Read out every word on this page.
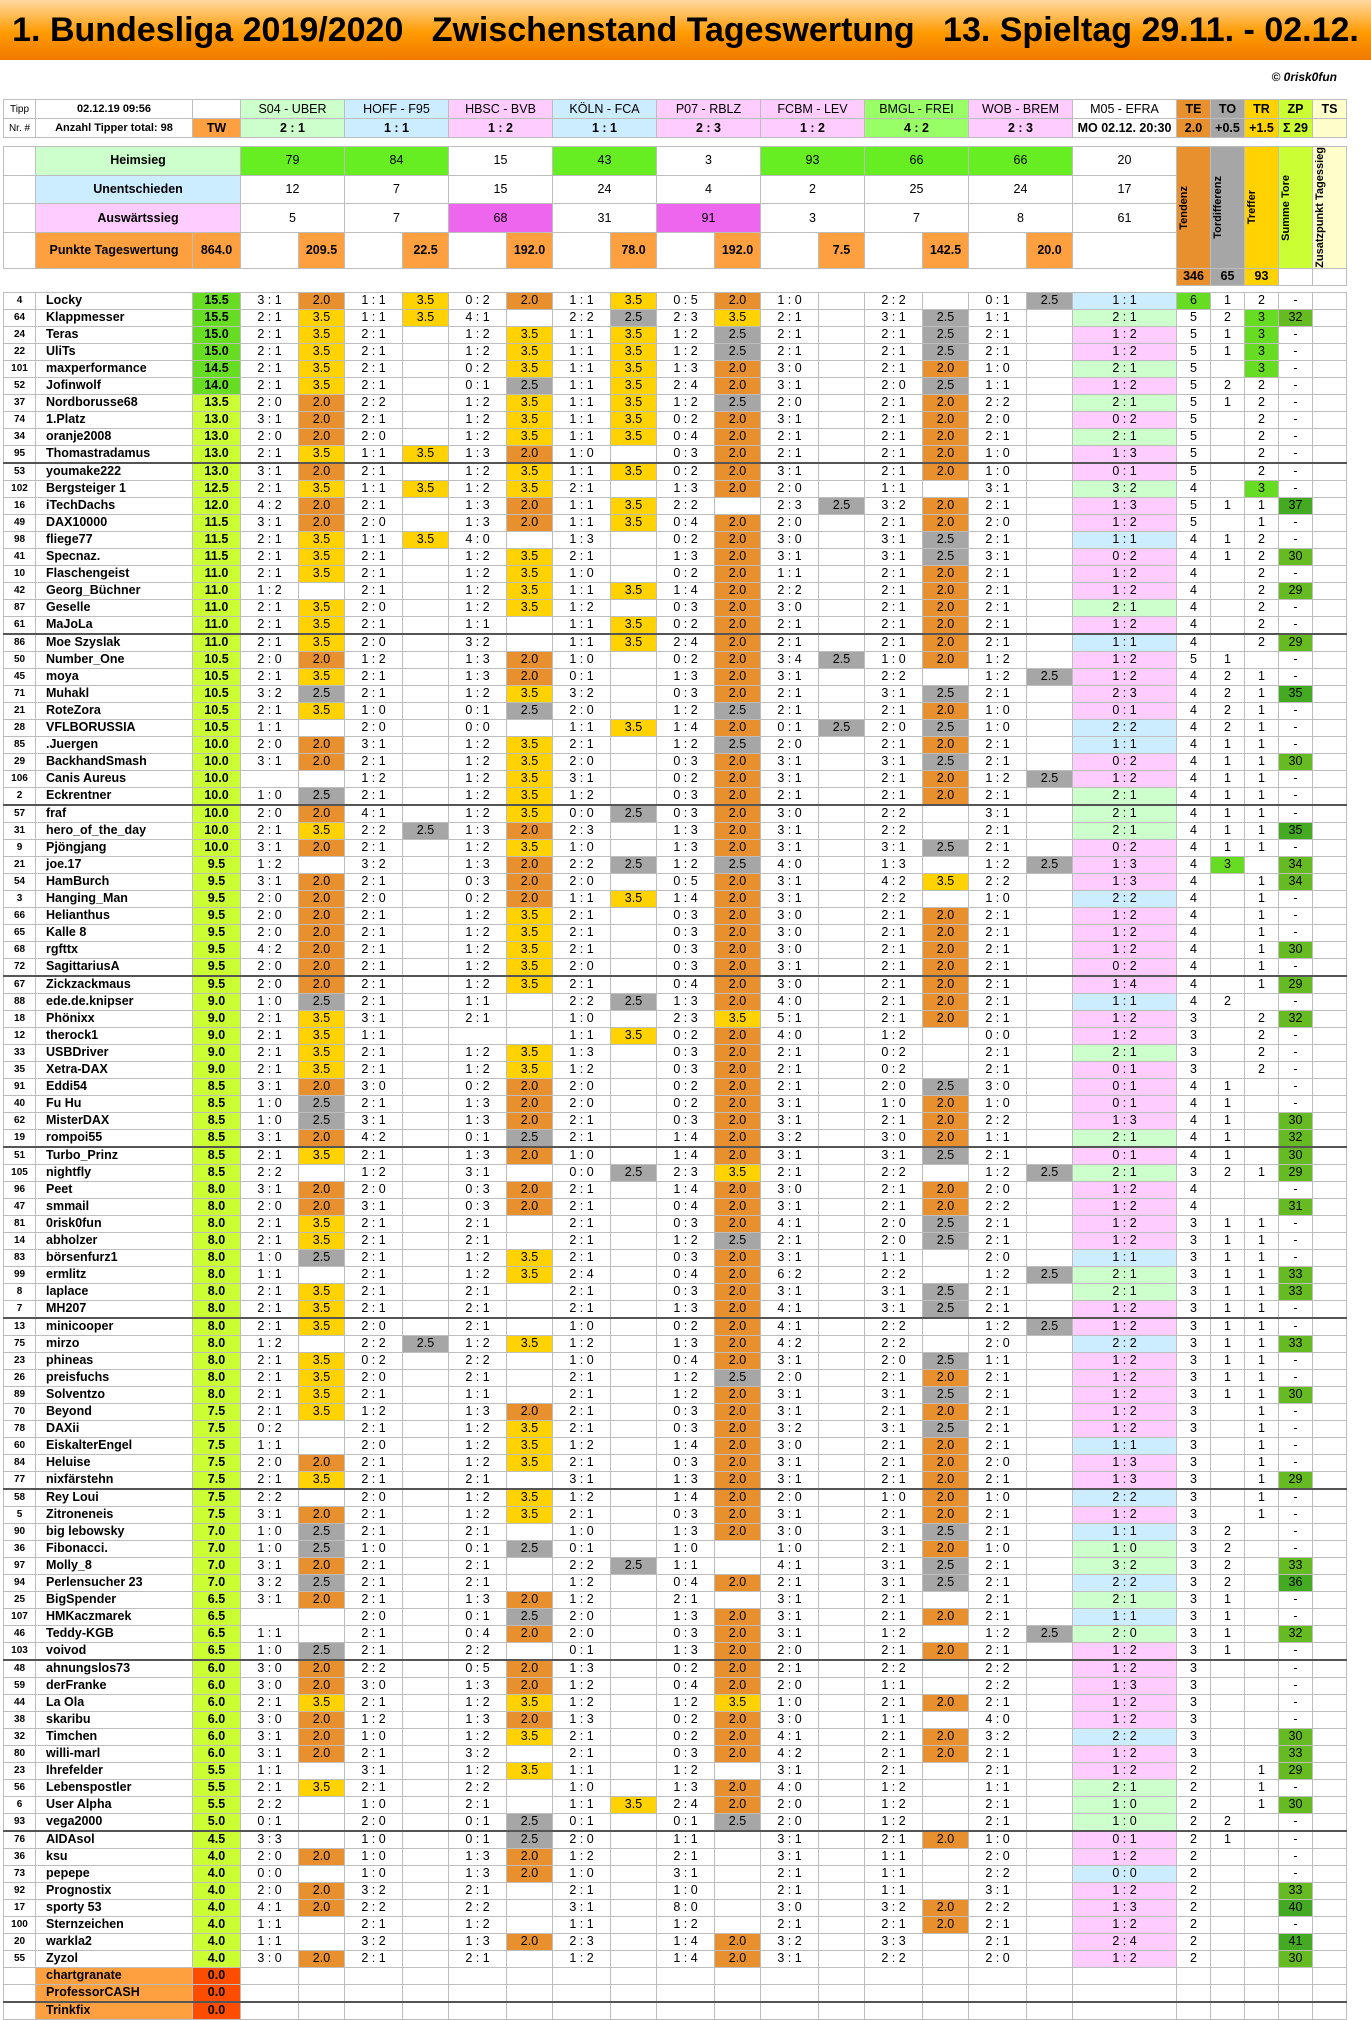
1. Bundesliga 2019/2020   Zwischenstand Tageswertung   13. Spieltag 29.11. - 02.12.
© 0risk0fun
Tipp	02.12.19 09:56		S04 - UBER		HOFF - F95		HBSC - BVB		KÖLN - FCA		P07 - RBLZ		FCBM - LEV		BMGL - FREI		WOB - BREM		M05 - EFRA	TE	TO	TR	ZP	TS
Nr. #	Anzahl Tipper total: 98	TW	2 : 1		1 : 1		1 : 2		1 : 1		2 : 3		1 : 2		4 : 2		2 : 3		MO 02.12. 20:30	2.0	+0.5	+1.5	Σ 29	

	Heimsieg		79		84		15		43		3		93		66		66		20	Tendenz	Tordifferenz	Treffer	Summe Tore	Zusatzpunkt Tagessieg

	Unentschieden		12		7		15		24		4		2		25		24		17					
	Auswärtssieg		5		7		68		31		91		3		7		8		61					
	Punkte Tageswertung	864.0		209.5		22.5		192.0		78.0		192.0		7.5		142.5		20.0						
																				346	65	93		

4	Locky	15.5	3 : 1	2.0	1 : 1	3.5	0 : 2	2.0	1 : 1	3.5	0 : 5	2.0	1 : 0		2 : 2		0 : 1	2.5	1 : 1	6	1	2	-	
64	Klappmesser	15.5	2 : 1	3.5	1 : 1	3.5	4 : 1		2 : 2	2.5	2 : 3	3.5	2 : 1		3 : 1	2.5	1 : 1		2 : 1	5	2	3	32	
24	Teras	15.0	2 : 1	3.5	2 : 1		1 : 2	3.5	1 : 1	3.5	1 : 2	2.5	2 : 1		2 : 1	2.5	2 : 1		1 : 2	5	1	3	-	
22	UliTs	15.0	2 : 1	3.5	2 : 1		1 : 2	3.5	1 : 1	3.5	1 : 2	2.5	2 : 1		2 : 1	2.5	2 : 1		1 : 2	5	1	3	-	
101	maxperformance	14.5	2 : 1	3.5	2 : 1		0 : 2	3.5	1 : 1	3.5	1 : 3	2.0	3 : 0		2 : 1	2.0	1 : 0		2 : 1	5		3	-	
52	Jofinwolf	14.0	2 : 1	3.5	2 : 1		0 : 1	2.5	1 : 1	3.5	2 : 4	2.0	3 : 1		2 : 0	2.5	1 : 1		1 : 2	5	2	2	-	
37	Nordborusse68	13.5	2 : 0	2.0	2 : 2		1 : 2	3.5	1 : 1	3.5	1 : 2	2.5	2 : 0		2 : 1	2.0	2 : 2		2 : 1	5	1	2	-	
74	1.Platz	13.0	3 : 1	2.0	2 : 1		1 : 2	3.5	1 : 1	3.5	0 : 2	2.0	3 : 1		2 : 1	2.0	2 : 0		0 : 2	5		2	-	
34	oranje2008	13.0	2 : 0	2.0	2 : 0		1 : 2	3.5	1 : 1	3.5	0 : 4	2.0	2 : 1		2 : 1	2.0	2 : 1		2 : 1	5		2	-	
95	Thomastradamus	13.0	2 : 1	3.5	1 : 1	3.5	1 : 3	2.0	1 : 0		0 : 3	2.0	2 : 1		2 : 1	2.0	1 : 0		1 : 3	5		2	-	
53	youmake222	13.0	3 : 1	2.0	2 : 1		1 : 2	3.5	1 : 1	3.5	0 : 2	2.0	3 : 1		2 : 1	2.0	1 : 0		0 : 1	5		2	-	
102	Bergsteiger 1	12.5	2 : 1	3.5	1 : 1	3.5	1 : 2	3.5	2 : 1		1 : 3	2.0	2 : 0		1 : 1		3 : 1		3 : 2	4		3	-	
16	iTechDachs	12.0	4 : 2	2.0	2 : 1		1 : 3	2.0	1 : 1	3.5	2 : 2		2 : 3	2.5	3 : 2	2.0	2 : 1		1 : 3	5	1	1	37	
49	DAX10000	11.5	3 : 1	2.0	2 : 0		1 : 3	2.0	1 : 1	3.5	0 : 4	2.0	2 : 0		2 : 1	2.0	2 : 0		1 : 2	5		1	-	
98	fliege77	11.5	2 : 1	3.5	1 : 1	3.5	4 : 0		1 : 3		0 : 2	2.0	3 : 0		3 : 1	2.5	2 : 1		1 : 1	4	1	2	-	
41	Specnaz.	11.5	2 : 1	3.5	2 : 1		1 : 2	3.5	2 : 1		1 : 3	2.0	3 : 1		3 : 1	2.5	3 : 1		0 : 2	4	1	2	30	
10	Flaschengeist	11.0	2 : 1	3.5	2 : 1		1 : 2	3.5	1 : 0		0 : 2	2.0	1 : 1		2 : 1	2.0	2 : 1		1 : 2	4		2	-	
42	Georg_Büchner	11.0	1 : 2		2 : 1		1 : 2	3.5	1 : 1	3.5	1 : 4	2.0	2 : 2		2 : 1	2.0	2 : 1		1 : 2	4		2	29	
87	Geselle	11.0	2 : 1	3.5	2 : 0		1 : 2	3.5	1 : 2		0 : 3	2.0	3 : 0		2 : 1	2.0	2 : 1		2 : 1	4		2	-	
61	MaJoLa	11.0	2 : 1	3.5	2 : 1		1 : 1		1 : 1	3.5	0 : 2	2.0	2 : 1		2 : 1	2.0	2 : 1		1 : 2	4		2	-	
86	Moe Szyslak	11.0	2 : 1	3.5	2 : 0		3 : 2		1 : 1	3.5	2 : 4	2.0	2 : 1		2 : 1	2.0	2 : 1		1 : 1	4		2	29	
50	Number_One	10.5	2 : 0	2.0	1 : 2		1 : 3	2.0	1 : 0		0 : 2	2.0	3 : 4	2.5	1 : 0	2.0	1 : 2		1 : 2	5	1		-	
45	moya	10.5	2 : 1	3.5	2 : 1		1 : 3	2.0	0 : 1		1 : 3	2.0	3 : 1		2 : 2		1 : 2	2.5	1 : 2	4	2	1	-	
71	Muhakl	10.5	3 : 2	2.5	2 : 1		1 : 2	3.5	3 : 2		0 : 3	2.0	2 : 1		3 : 1	2.5	2 : 1		2 : 3	4	2	1	35	
21	RoteZora	10.5	2 : 1	3.5	1 : 0		0 : 1	2.5	2 : 0		1 : 2	2.5	2 : 1		2 : 1	2.0	1 : 0		0 : 1	4	2	1	-	
28	VFLBORUSSIA	10.5	1 : 1		2 : 0		0 : 0		1 : 1	3.5	1 : 4	2.0	0 : 1	2.5	2 : 0	2.5	1 : 0		2 : 2	4	2	1	-	
85	.Juergen	10.0	2 : 0	2.0	3 : 1		1 : 2	3.5	2 : 1		1 : 2	2.5	2 : 0		2 : 1	2.0	2 : 1		1 : 1	4	1	1	-	
29	BackhandSmash	10.0	3 : 1	2.0	2 : 1		1 : 2	3.5	2 : 0		0 : 3	2.0	3 : 1		3 : 1	2.5	2 : 1		0 : 2	4	1	1	30	
106	Canis Aureus	10.0			1 : 2		1 : 2	3.5	3 : 1		0 : 2	2.0	3 : 1		2 : 1	2.0	1 : 2	2.5	1 : 2	4	1	1	-	
2	Eckrentner	10.0	1 : 0	2.5	2 : 1		1 : 2	3.5	1 : 2		0 : 3	2.0	2 : 1		2 : 1	2.0	2 : 1		2 : 1	4	1	1	-	
57	fraf	10.0	2 : 0	2.0	4 : 1		1 : 2	3.5	0 : 0	2.5	0 : 3	2.0	3 : 0		2 : 2		3 : 1		2 : 1	4	1	1	-	
31	hero_of_the_day	10.0	2 : 1	3.5	2 : 2	2.5	1 : 3	2.0	2 : 3		1 : 3	2.0	3 : 1		2 : 2		2 : 1		2 : 1	4	1	1	35	
9	Pjöngjang	10.0	3 : 1	2.0	2 : 1		1 : 2	3.5	1 : 0		1 : 3	2.0	3 : 1		3 : 1	2.5	2 : 1		0 : 2	4	1	1	-	
21	joe.17	9.5	1 : 2		3 : 2		1 : 3	2.0	2 : 2	2.5	1 : 2	2.5	4 : 0		1 : 3		1 : 2	2.5	1 : 3	4	3		34	
54	HamBurch	9.5	3 : 1	2.0	2 : 1		0 : 3	2.0	2 : 0		0 : 5	2.0	3 : 1		4 : 2	3.5	2 : 2		1 : 3	4		1	34	
3	Hanging_Man	9.5	2 : 0	2.0	2 : 0		0 : 2	2.0	1 : 1	3.5	1 : 4	2.0	3 : 1		2 : 2		1 : 0		2 : 2	4		1	-	
66	Helianthus	9.5	2 : 0	2.0	2 : 1		1 : 2	3.5	2 : 1		0 : 3	2.0	3 : 0		2 : 1	2.0	2 : 1		1 : 2	4		1	-	
65	Kalle 8	9.5	2 : 0	2.0	2 : 1		1 : 2	3.5	2 : 1		0 : 3	2.0	3 : 0		2 : 1	2.0	2 : 1		1 : 2	4		1	-	
68	rgfttx	9.5	4 : 2	2.0	2 : 1		1 : 2	3.5	2 : 1		0 : 3	2.0	3 : 0		2 : 1	2.0	2 : 1		1 : 2	4		1	30	
72	SagittariusA	9.5	2 : 0	2.0	2 : 1		1 : 2	3.5	2 : 0		0 : 3	2.0	3 : 1		2 : 1	2.0	2 : 1		0 : 2	4		1	-	
67	Zickzackmaus	9.5	2 : 0	2.0	2 : 1		1 : 2	3.5	2 : 1		0 : 4	2.0	3 : 0		2 : 1	2.0	2 : 1		1 : 4	4		1	29	
88	ede.de.knipser	9.0	1 : 0	2.5	2 : 1		1 : 1		2 : 2	2.5	1 : 3	2.0	4 : 0		2 : 1	2.0	2 : 1		1 : 1	4	2		-	
18	Phönixx	9.0	2 : 1	3.5	3 : 1		2 : 1		1 : 0		2 : 3	3.5	5 : 1		2 : 1	2.0	2 : 1		1 : 2	3		2	32	
12	therock1	9.0	2 : 1	3.5	1 : 1				1 : 1	3.5	0 : 2	2.0	4 : 0		1 : 2		0 : 0		1 : 2	3		2	-	
33	USBDriver	9.0	2 : 1	3.5	2 : 1		1 : 2	3.5	1 : 3		0 : 3	2.0	2 : 1		0 : 2		2 : 1		2 : 1	3		2	-	
35	Xetra-DAX	9.0	2 : 1	3.5	2 : 1		1 : 2	3.5	1 : 2		0 : 3	2.0	2 : 1		0 : 2		2 : 1		0 : 1	3		2	-	
91	Eddi54	8.5	3 : 1	2.0	3 : 0		0 : 2	2.0	2 : 0		0 : 2	2.0	2 : 1		2 : 0	2.5	3 : 0		0 : 1	4	1		-	
40	Fu Hu	8.5	1 : 0	2.5	2 : 1		1 : 3	2.0	2 : 0		0 : 2	2.0	3 : 1		1 : 0	2.0	1 : 0		0 : 1	4	1		-	
62	MisterDAX	8.5	1 : 0	2.5	3 : 1		1 : 3	2.0	2 : 1		0 : 3	2.0	3 : 1		2 : 1	2.0	2 : 2		1 : 3	4	1		30	
19	rompoi55	8.5	3 : 1	2.0	4 : 2		0 : 1	2.5	2 : 1		1 : 4	2.0	3 : 2		3 : 0	2.0	1 : 1		2 : 1	4	1		32	
51	Turbo_Prinz	8.5	2 : 1	3.5	2 : 1		1 : 3	2.0	1 : 0		1 : 4	2.0	3 : 1		3 : 1	2.5	2 : 1		0 : 1	4	1		30	
105	nightfly	8.5	2 : 2		1 : 2		3 : 1		0 : 0	2.5	2 : 3	3.5	2 : 1		2 : 2		1 : 2	2.5	2 : 1	3	2	1	29	
96	Peet	8.0	3 : 1	2.0	2 : 0		0 : 3	2.0	2 : 1		1 : 4	2.0	3 : 0		2 : 1	2.0	2 : 0		1 : 2	4			-	
47	smmail	8.0	2 : 0	2.0	3 : 1		0 : 3	2.0	2 : 1		0 : 4	2.0	3 : 1		2 : 1	2.0	2 : 2		1 : 2	4			31	
81	0risk0fun	8.0	2 : 1	3.5	2 : 1		2 : 1		2 : 1		0 : 3	2.0	4 : 1		2 : 0	2.5	2 : 1		1 : 2	3	1	1	-	
14	abholzer	8.0	2 : 1	3.5	2 : 1		2 : 1		2 : 1		1 : 2	2.5	2 : 1		2 : 0	2.5	2 : 1		1 : 2	3	1	1	-	
83	börsenfurz1	8.0	1 : 0	2.5	2 : 1		1 : 2	3.5	2 : 1		0 : 3	2.0	3 : 1		1 : 1		2 : 0		1 : 1	3	1	1	-	
99	ermlitz	8.0	1 : 1		2 : 1		1 : 2	3.5	2 : 4		0 : 4	2.0	6 : 2		2 : 2		1 : 2	2.5	2 : 1	3	1	1	33	
8	laplace	8.0	2 : 1	3.5	2 : 1		2 : 1		2 : 1		0 : 3	2.0	3 : 1		3 : 1	2.5	2 : 1		2 : 1	3	1	1	33	
7	MH207	8.0	2 : 1	3.5	2 : 1		2 : 1		2 : 1		1 : 3	2.0	4 : 1		3 : 1	2.5	2 : 1		1 : 2	3	1	1	-	
13	minicooper	8.0	2 : 1	3.5	2 : 0		2 : 1		1 : 0		0 : 2	2.0	4 : 1		2 : 2		1 : 2	2.5	1 : 2	3	1	1	-	
75	mirzo	8.0	1 : 2		2 : 2	2.5	1 : 2	3.5	1 : 2		1 : 3	2.0	4 : 2		2 : 2		2 : 0		2 : 2	3	1	1	33	
23	phineas	8.0	2 : 1	3.5	0 : 2		2 : 2		1 : 0		0 : 4	2.0	3 : 1		2 : 0	2.5	1 : 1		1 : 2	3	1	1	-	
26	preisfuchs	8.0	2 : 1	3.5	2 : 0		2 : 1		2 : 1		1 : 2	2.5	2 : 0		2 : 1	2.0	2 : 1		1 : 2	3	1	1	-	
89	Solventzo	8.0	2 : 1	3.5	2 : 1		1 : 1		2 : 1		1 : 2	2.0	3 : 1		3 : 1	2.5	2 : 1		1 : 2	3	1	1	30	
70	Beyond	7.5	2 : 1	3.5	1 : 2		1 : 3	2.0	2 : 1		0 : 3	2.0	3 : 1		2 : 1	2.0	2 : 1		1 : 2	3		1	-	
78	DAXii	7.5	0 : 2		2 : 1		1 : 2	3.5	2 : 1		0 : 3	2.0	3 : 2		3 : 1	2.5	2 : 1		1 : 2	3		1	-	
60	EiskalterEngel	7.5	1 : 1		2 : 0		1 : 2	3.5	1 : 2		1 : 4	2.0	3 : 0		2 : 1	2.0	2 : 1		1 : 1	3		1	-	
84	Heluise	7.5	2 : 0	2.0	2 : 1		1 : 2	3.5	2 : 1		0 : 3	2.0	3 : 1		2 : 1	2.0	2 : 0		1 : 3	3		1	-	
77	nixfärstehn	7.5	2 : 1	3.5	2 : 1		2 : 1		3 : 1		1 : 3	2.0	3 : 1		2 : 1	2.0	2 : 1		1 : 3	3		1	29	
58	Rey Loui	7.5	2 : 2		2 : 0		1 : 2	3.5	1 : 2		1 : 4	2.0	2 : 0		1 : 0	2.0	1 : 0		2 : 2	3		1	-	
5	Zitroneneis	7.5	3 : 1	2.0	2 : 1		1 : 2	3.5	2 : 1		0 : 3	2.0	3 : 1		2 : 1	2.0	2 : 1		1 : 2	3		1	-	
90	big lebowsky	7.0	1 : 0	2.5	2 : 1		2 : 1		1 : 0		1 : 3	2.0	3 : 0		3 : 1	2.5	2 : 1		1 : 1	3	2		-	
36	Fibonacci.	7.0	1 : 0	2.5	1 : 0		0 : 1	2.5	0 : 1		1 : 0		1 : 0		2 : 1	2.0	1 : 0		1 : 0	3	2		-	
97	Molly_8	7.0	3 : 1	2.0	2 : 1		2 : 1		2 : 2	2.5	1 : 1		4 : 1		3 : 1	2.5	2 : 1		3 : 2	3	2		33	
94	Perlensucher 23	7.0	3 : 2	2.5	2 : 1		2 : 1		1 : 2		0 : 4	2.0	2 : 1		3 : 1	2.5	2 : 1		2 : 2	3	2		36	
25	BigSpender	6.5	3 : 1	2.0	2 : 1		1 : 3	2.0	1 : 2		2 : 1		3 : 1		2 : 1		2 : 1		2 : 1	3	1		-	
107	HMKaczmarek	6.5			2 : 0		0 : 1	2.5	2 : 0		1 : 3	2.0	3 : 1		2 : 1	2.0	2 : 1		1 : 1	3	1		-	
46	Teddy-KGB	6.5	1 : 1		2 : 1		0 : 4	2.0	2 : 0		0 : 3	2.0	3 : 1		1 : 2		1 : 2	2.5	2 : 0	3	1		32	
103	voivod	6.5	1 : 0	2.5	2 : 1		2 : 2		0 : 1		1 : 3	2.0	2 : 0		2 : 1	2.0	2 : 1		1 : 2	3	1		-	
48	ahnungslos73	6.0	3 : 0	2.0	2 : 2		0 : 5	2.0	1 : 3		0 : 2	2.0	2 : 1		2 : 2		2 : 2		1 : 2	3			-	
59	derFranke	6.0	3 : 0	2.0	3 : 0		1 : 3	2.0	1 : 2		0 : 4	2.0	2 : 0		1 : 1		2 : 2		1 : 3	3			-	
44	La Ola	6.0	2 : 1	3.5	2 : 1		1 : 2	3.5	1 : 2		1 : 2	3.5	1 : 0		2 : 1	2.0	2 : 1		1 : 2	3			-	
38	skaribu	6.0	3 : 0	2.0	1 : 2		1 : 3	2.0	1 : 3		0 : 2	2.0	3 : 0		1 : 1		4 : 0		1 : 2	3			-	
32	Timchen	6.0	3 : 1	2.0	1 : 0		1 : 2	3.5	2 : 1		0 : 2	2.0	4 : 1		2 : 1	2.0	3 : 2		2 : 2	3			30	
80	willi-marl	6.0	3 : 1	2.0	2 : 1		3 : 2		2 : 1		0 : 3	2.0	4 : 2		2 : 1	2.0	2 : 1		1 : 2	3			33	
23	Ihrefelder	5.5	1 : 1		3 : 1		1 : 2	3.5	1 : 1		1 : 2		3 : 1		2 : 1		2 : 1		1 : 2	2		1	29	
56	Lebenspostler	5.5	2 : 1	3.5	2 : 1		2 : 2		1 : 0		1 : 3	2.0	4 : 0		1 : 2		1 : 1		2 : 1	2		1	-	
6	User Alpha	5.5	2 : 2		1 : 0		2 : 1		1 : 1	3.5	2 : 4	2.0	2 : 0		1 : 2		2 : 1		1 : 0	2		1	30	
93	vega2000	5.0	0 : 1		2 : 0		0 : 1	2.5	0 : 1		0 : 1	2.5	2 : 0		1 : 2		2 : 1		1 : 0	2	2		-	
76	AIDAsol	4.5	3 : 3		1 : 0		0 : 1	2.5	2 : 0		1 : 1		3 : 1		2 : 1	2.0	1 : 0		0 : 1	2	1		-	
36	ksu	4.0	2 : 0	2.0	1 : 0		1 : 3	2.0	1 : 2		2 : 1		3 : 1		1 : 1		2 : 0		1 : 2	2			-	
73	pepepe	4.0	0 : 0		1 : 0		1 : 3	2.0	1 : 0		3 : 1		2 : 1		1 : 1		2 : 2		0 : 0	2			-	
92	Prognostix	4.0	2 : 0	2.0	3 : 2		2 : 1		2 : 1		1 : 0		2 : 1		1 : 1		3 : 1		1 : 2	2			33	
17	sporty 53	4.0	4 : 1	2.0	2 : 2		2 : 2		3 : 1		8 : 0		3 : 0		3 : 2	2.0	2 : 2		1 : 3	2			40	
100	Sternzeichen	4.0	1 : 1		2 : 1		1 : 2		1 : 1		1 : 2		2 : 1		2 : 1	2.0	2 : 1		1 : 2	2			-	
20	warkla2	4.0	1 : 1		3 : 2		1 : 3	2.0	2 : 3		1 : 4	2.0	3 : 2		3 : 3		2 : 1		2 : 4	2			41	
55	Zyzol	4.0	3 : 0	2.0	2 : 1		2 : 1		1 : 2		1 : 4	2.0	3 : 1		2 : 2		2 : 0		1 : 2	2			30	
	chartgranate	0.0																						
	ProfessorCASH	0.0																						
	Trinkfix	0.0																						
